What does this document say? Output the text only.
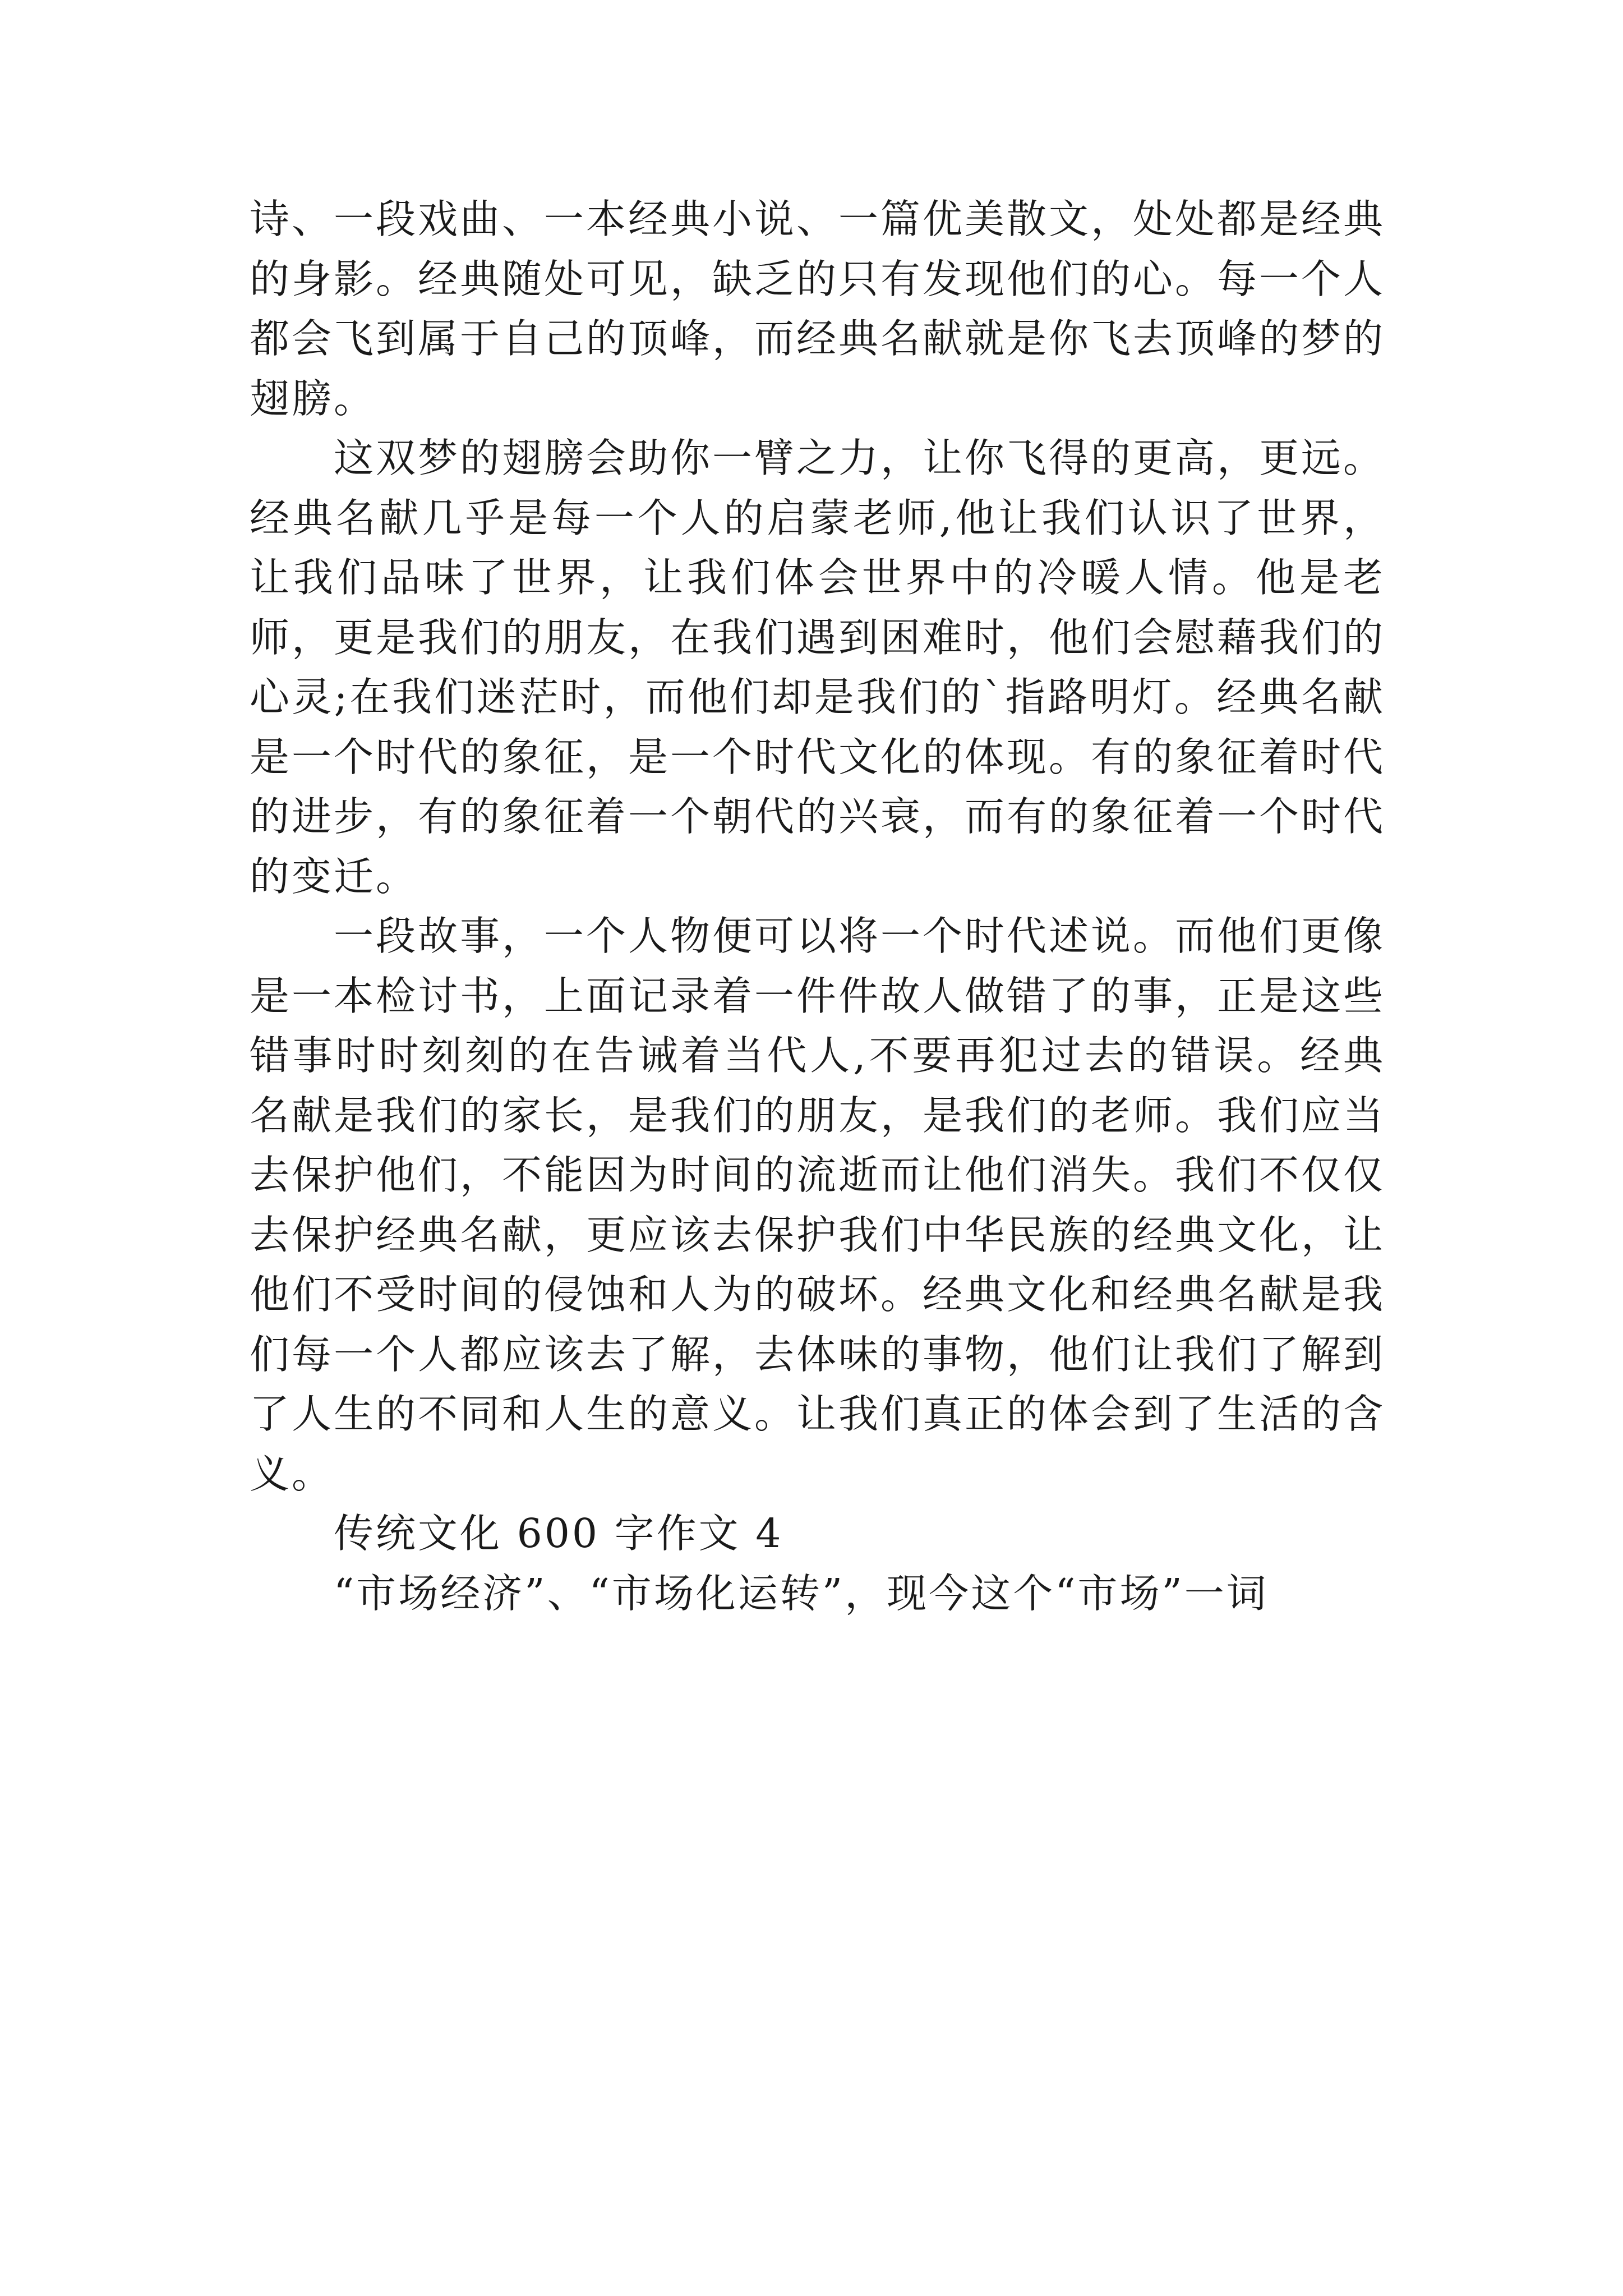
诗、一段戏曲、一本经典小说、一篇优美散文，处处都是经典的身影。经典随处可见，缺乏的只有发现他们的心。每一个人都会飞到属于自己的顶峰，而经典名献就是你飞去顶峰的梦的翅膀。

这双梦的翅膀会助你一臂之力，让你飞得的更高，更远。经典名献几乎是每一个人的启蒙老师,他让我们认识了世界，让我们品味了世界，让我们体会世界中的冷暖人情。他是老师，更是我们的朋友，在我们遇到困难时，他们会慰藉我们的心灵;在我们迷茫时，而他们却是我们的`指路明灯。经典名献是一个时代的象征，是一个时代文化的体现。有的象征着时代的进步，有的象征着一个朝代的兴衰，而有的象征着一个时代的变迁。

一段故事，一个人物便可以将一个时代述说。而他们更像是一本检讨书，上面记录着一件件故人做错了的事，正是这些错事时时刻刻的在告诫着当代人,不要再犯过去的错误。经典名献是我们的家长，是我们的朋友，是我们的老师。我们应当去保护他们，不能因为时间的流逝而让他们消失。我们不仅仅去保护经典名献，更应该去保护我们中华民族的经典文化，让他们不受时间的侵蚀和人为的破坏。经典文化和经典名献是我们每一个人都应该去了解，去体味的事物，他们让我们了解到了人生的不同和人生的意义。让我们真正的体会到了生活的含义。

传统文化 600 字作文 4

“市场经济”、“市场化运转”，现今这个“市场”一词
